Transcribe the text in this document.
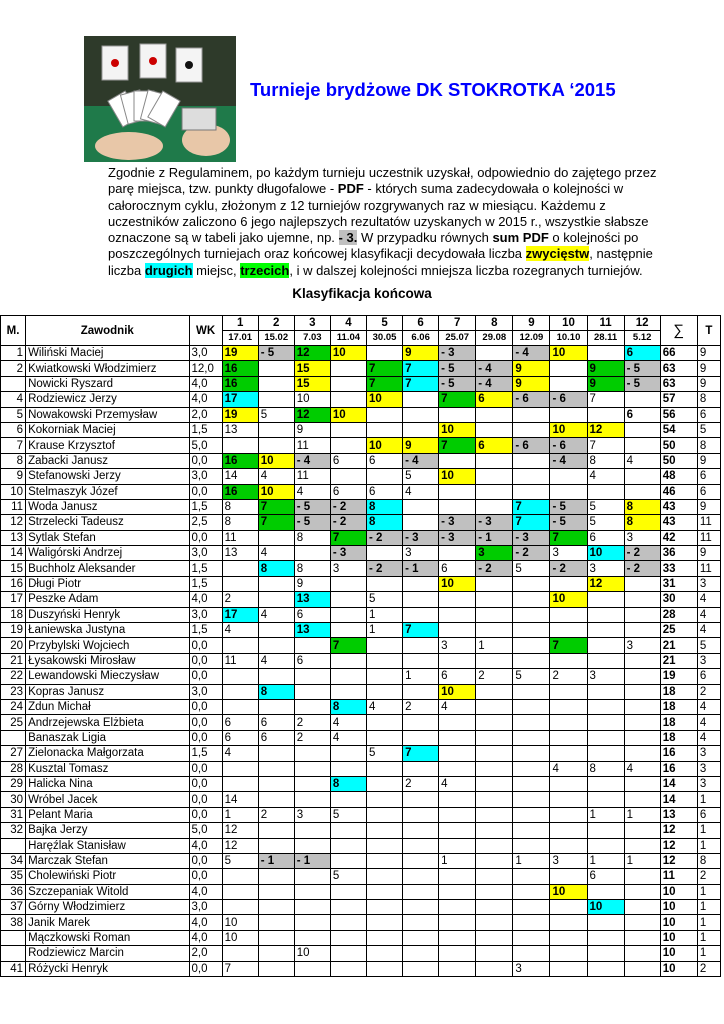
Turnieje brydżowe DK STOKROTKA ‘2015
Zgodnie z Regulaminem, po każdym turnieju uczestnik uzyskał, odpowiednio do zajętego przez parę miejsca, tzw. punkty długofalowe - PDF - których suma zadecydowała o kolejności w całorocznym cyklu, złożonym z 12 turniejów rozgrywanych raz w miesiącu. Każdemu z uczestników zaliczono 6 jego najlepszych rezultatów uzyskanych w 2015 r., wszystkie słabsze oznaczone są w tabeli jako ujemne, np. - 3. W przypadku równych sum PDF o kolejności po poszczególnych turniejach oraz końcowej klasyfikacji decydowała liczba zwycięstw, następnie liczba drugich miejsc, trzecich, i w dalszej kolejności mniejsza liczba rozegranych turniejów.
Klasyfikacja końcowa
M.	Zawodnik	WK	1	2	3	4	5	6	7	8	9	10	11	12	∑	T
			17.01	15.02	7.03	11.04	30.05	6.06	25.07	29.08	12.09	10.10	28.11	5.12		
1	Wiliński Maciej	3,0	19	- 5	12	10		9	- 3		- 4	10		6	66	9
2	Kwiatkowski Włodzimierz	12,0	16		15		7	7	- 5	- 4	9		9	- 5	63	9
	Nowicki Ryszard	4,0	16		15		7	7	- 5	- 4	9		9	- 5	63	9
4	Rodziewicz Jerzy	4,0	17		10		10		7	6	- 6	- 6	7		57	8
5	Nowakowski Przemysław	2,0	19	5	12	10								6	56	6
6	Kokorniak Maciej	1,5	13		9				10			10	12		54	5
7	Krause Krzysztof	5,0			11		10	9	7	6	- 6	- 6	7		50	8
8	Zabacki Janusz	0,0	16	10	- 4	6	6	- 4				- 4	8	4	50	9
9	Stefanowski Jerzy	3,0	14	4	11			5	10				4		48	6
10	Stelmaszyk Józef	0,0	16	10	4	6	6	4							46	6
11	Woda Janusz	1,5	8	7	- 5	- 2	8				7	- 5	5	8	43	9
12	Strzelecki Tadeusz	2,5	8	7	- 5	- 2	8		- 3	- 3	7	- 5	5	8	43	11
13	Sytlak Stefan	0,0	11		8	7	- 2	- 3	- 3	- 1	- 3	7	6	3	42	11
14	Waligórski Andrzej	3,0	13	4		- 3		3		3	- 2	3	10	- 2	36	9
15	Buchholz Aleksander	1,5		8	8	3	- 2	- 1	6	- 2	5	- 2	3	- 2	33	11
16	Długi Piotr	1,5			9				10				12		31	3
17	Peszke Adam	4,0	2		13		5					10			30	4
18	Duszyński Henryk	3,0	17	4	6		1								28	4
19	Łaniewska Justyna	1,5	4		13		1	7							25	4
20	Przybylski Wojciech	0,0				7			3	1		7		3	21	5
21	Łysakowski Mirosław	0,0	11	4	6										21	3
22	Lewandowski Mieczysław	0,0						1	6	2	5	2	3		19	6
23	Kopras Janusz	3,0		8					10						18	2
24	Zdun Michał	0,0				8	4	2	4						18	4
25	Andrzejewska Elżbieta	0,0	6	6	2	4									18	4
	Banaszak Ligia	0,0	6	6	2	4									18	4
27	Zielonacka Małgorzata	1,5	4				5	7							16	3
28	Kusztal Tomasz	0,0										4	8	4	16	3
29	Halicka Nina	0,0				8		2	4						14	3
30	Wróbel Jacek	0,0	14												14	1
31	Pelant Maria	0,0	1	2	3	5							1	1	13	6
32	Bajka Jerzy	5,0	12												12	1
	Haręźlak Stanisław	4,0	12												12	1
34	Marczak Stefan	0,0	5	- 1	- 1				1		1	3	1	1	12	8
35	Cholewiński Piotr	0,0				5							6		11	2
36	Szczepaniak Witold	4,0										10			10	1
37	Górny Włodzimierz	3,0											10		10	1
38	Janik Marek	4,0	10												10	1
	Mączkowski Roman	4,0	10												10	1
	Rodziewicz Marcin	2,0			10										10	1
41	Różycki Henryk	0,0	7								3				10	2
